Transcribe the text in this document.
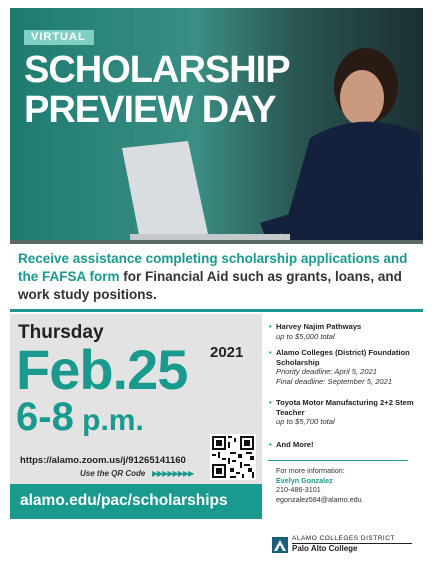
VIRTUAL
SCHOLARSHIP
PREVIEW DAY
Receive assistance completing scholarship applications and the FAFSA form for Financial Aid such as grants, loans, and work study positions.
Thursday
Feb.25 2021
6-8 p.m.
https://alamo.zoom.us/j/91265141160
Use the QR Code ▶▶▶▶▶▶▶▶
alamo.edu/pac/scholarships
• Harvey Najim Pathways
up to $5,000 total
• Alamo Colleges (District) Foundation Scholarship
Priority deadline: April 5, 2021
Final deadline: September 5, 2021
• Toyota Motor Manufacturing 2+2 Stem Teacher
up to $5,700 total
• And More!
For more information:
Evelyn Gonzalez
210-486-3101
egonzalez584@alamo.edu
ALAMO COLLEGES DISTRICT
Palo Alto College
